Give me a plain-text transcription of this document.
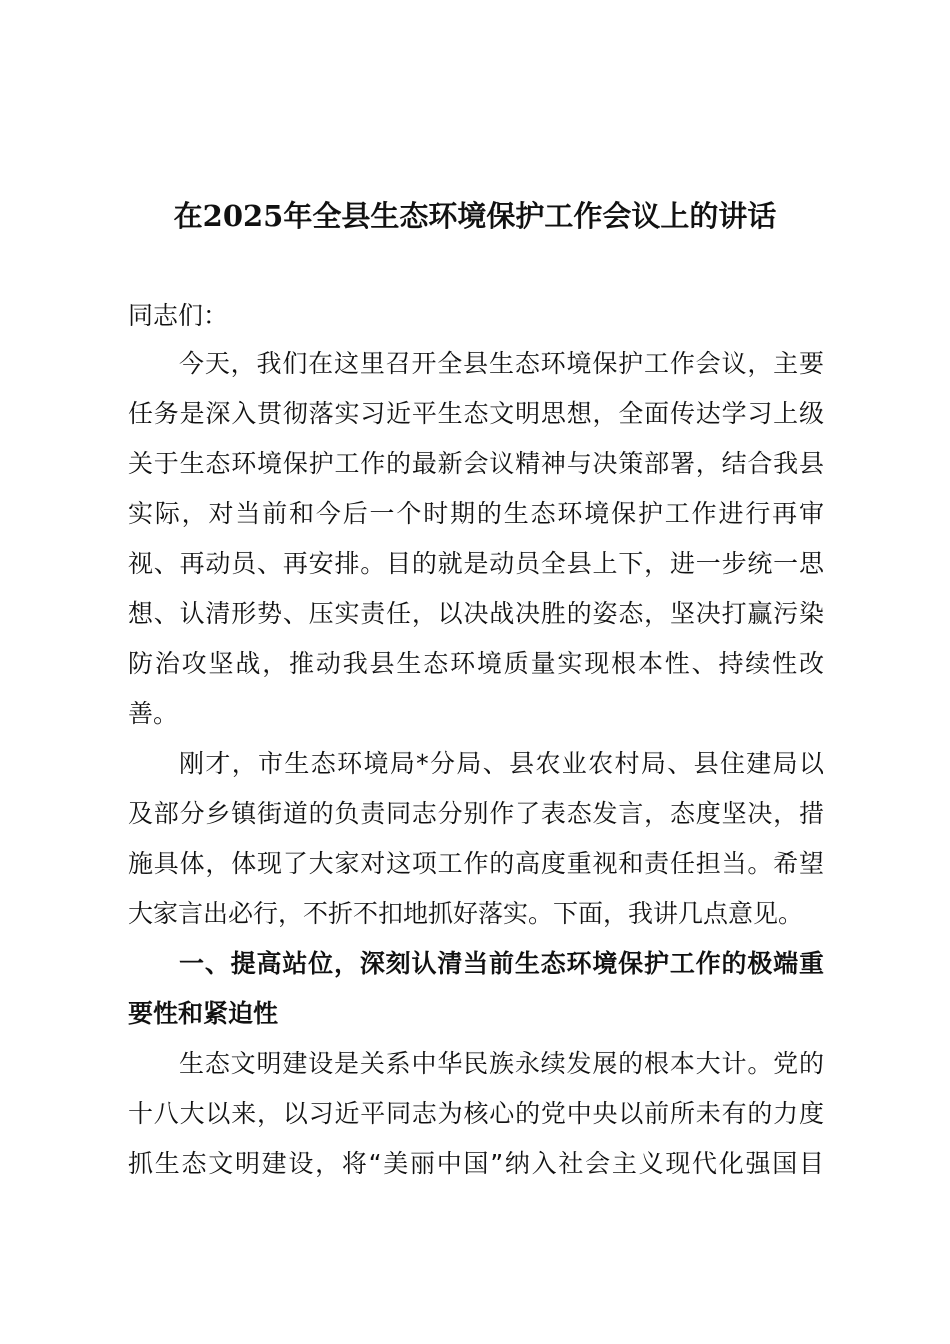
在2025年全县生态环境保护工作会议上的讲话
同志们：
今天，我们在这里召开全县生态环境保护工作会议，主要
任务是深入贯彻落实习近平生态文明思想，全面传达学习上级
关于生态环境保护工作的最新会议精神与决策部署，结合我县
实际，对当前和今后一个时期的生态环境保护工作进行再审
视、再动员、再安排。目的就是动员全县上下，进一步统一思
想、认清形势、压实责任，以决战决胜的姿态，坚决打赢污染
防治攻坚战，推动我县生态环境质量实现根本性、持续性改
善。
刚才，市生态环境局*分局、县农业农村局、县住建局以
及部分乡镇街道的负责同志分别作了表态发言，态度坚决，措
施具体，体现了大家对这项工作的高度重视和责任担当。希望
大家言出必行，不折不扣地抓好落实。下面，我讲几点意见。
一、提高站位，深刻认清当前生态环境保护工作的极端重
要性和紧迫性
生态文明建设是关系中华民族永续发展的根本大计。党的
十八大以来，以习近平同志为核心的党中央以前所未有的力度
抓生态文明建设，将“美丽中国”纳入社会主义现代化强国目
